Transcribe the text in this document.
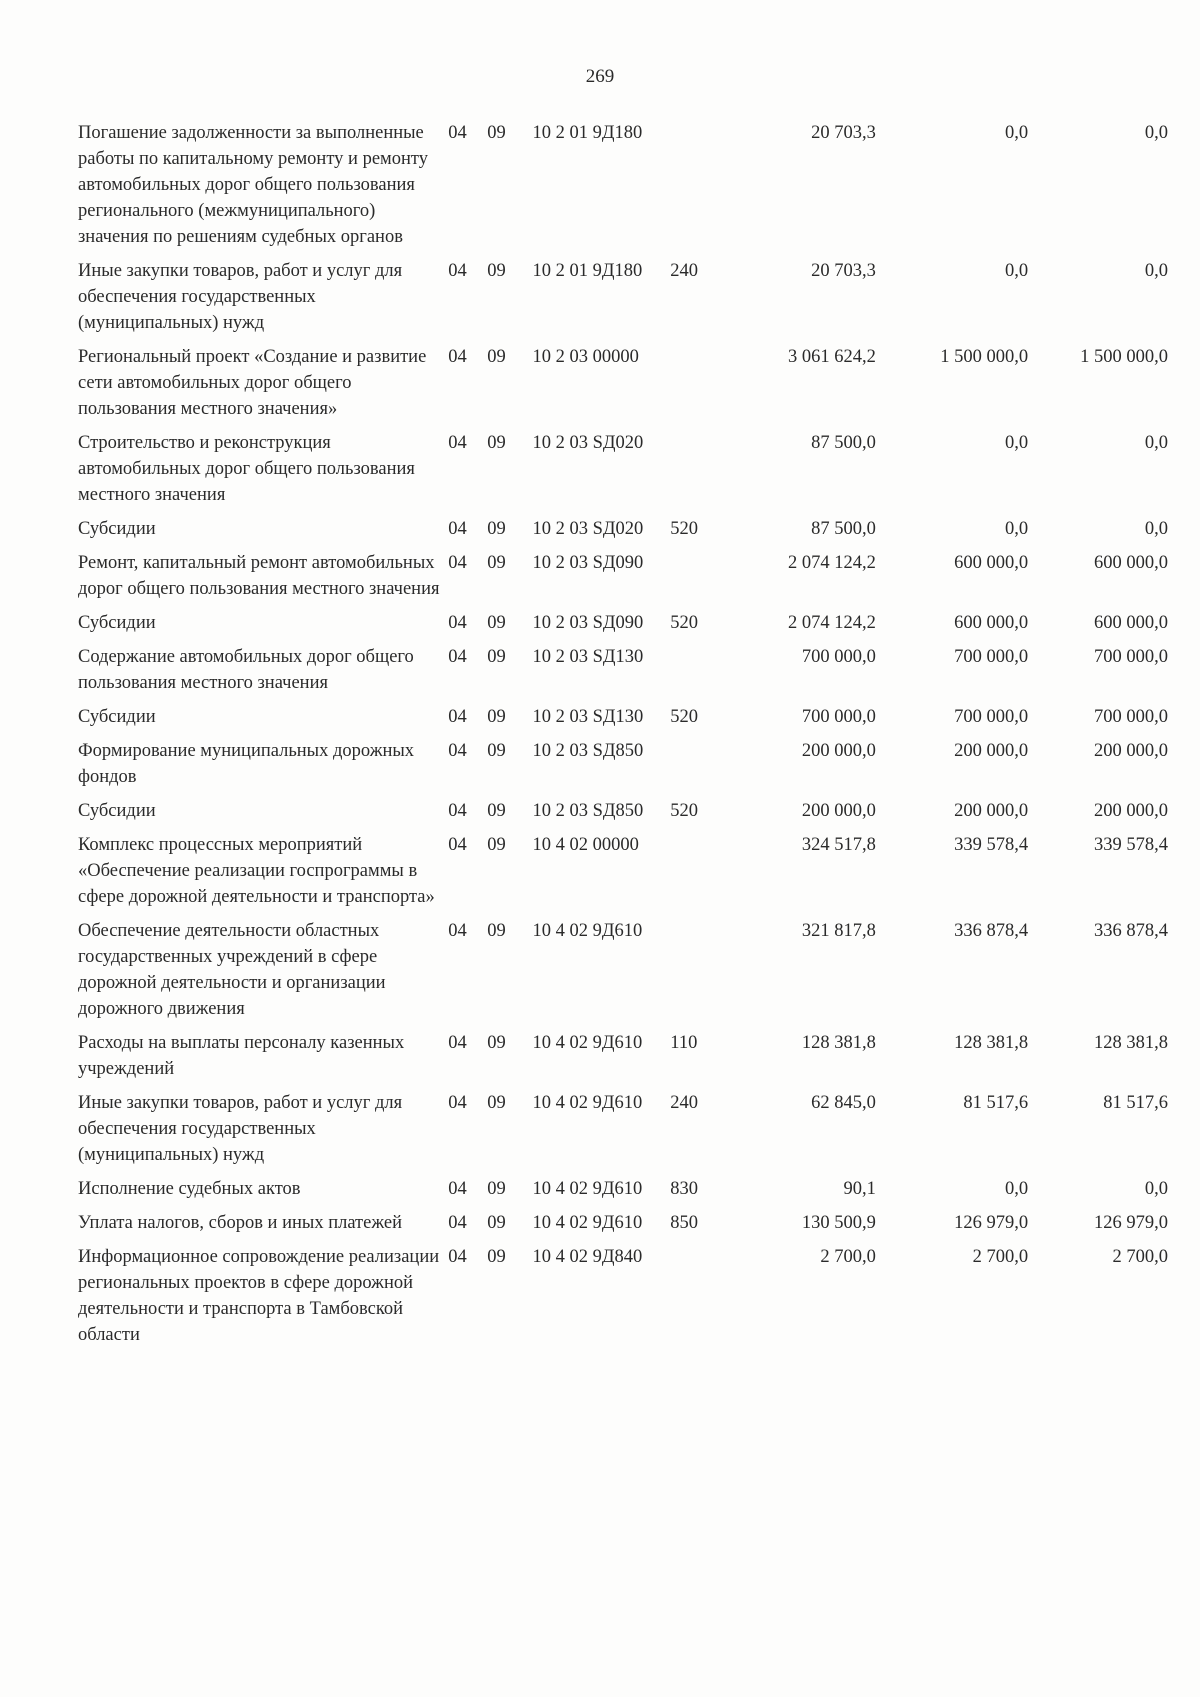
269
Погашение задолженности за выполненные работы по капитальному ремонту и ремонту автомобильных дорог общего пользования регионального (межмуниципального) значения по решениям судебных органов	04	09	10 2 01 9Д180		20 703,3	0,0	0,0
Иные закупки товаров, работ и услуг для обеспечения государственных (муниципальных) нужд	04	09	10 2 01 9Д180	240	20 703,3	0,0	0,0
Региональный проект «Создание и развитие сети автомобильных дорог общего пользования местного значения»	04	09	10 2 03 00000		3 061 624,2	1 500 000,0	1 500 000,0
Строительство и реконструкция автомобильных дорог общего пользования местного значения	04	09	10 2 03 SД020		87 500,0	0,0	0,0
Субсидии	04	09	10 2 03 SД020	520	87 500,0	0,0	0,0
Ремонт, капитальный ремонт автомобильных дорог общего пользования местного значения	04	09	10 2 03 SД090		2 074 124,2	600 000,0	600 000,0
Субсидии	04	09	10 2 03 SД090	520	2 074 124,2	600 000,0	600 000,0
Содержание автомобильных дорог общего пользования местного значения	04	09	10 2 03 SД130		700 000,0	700 000,0	700 000,0
Субсидии	04	09	10 2 03 SД130	520	700 000,0	700 000,0	700 000,0
Формирование муниципальных дорожных фондов	04	09	10 2 03 SД850		200 000,0	200 000,0	200 000,0
Субсидии	04	09	10 2 03 SД850	520	200 000,0	200 000,0	200 000,0
Комплекс процессных мероприятий «Обеспечение реализации госпрограммы в сфере дорожной деятельности и транспорта»	04	09	10 4 02 00000		324 517,8	339 578,4	339 578,4
Обеспечение деятельности областных государственных учреждений в сфере дорожной деятельности и организации дорожного движения	04	09	10 4 02 9Д610		321 817,8	336 878,4	336 878,4
Расходы на выплаты персоналу казенных учреждений	04	09	10 4 02 9Д610	110	128 381,8	128 381,8	128 381,8
Иные закупки товаров, работ и услуг для обеспечения государственных (муниципальных) нужд	04	09	10 4 02 9Д610	240	62 845,0	81 517,6	81 517,6
Исполнение судебных актов	04	09	10 4 02 9Д610	830	90,1	0,0	0,0
Уплата налогов, сборов и иных платежей	04	09	10 4 02 9Д610	850	130 500,9	126 979,0	126 979,0
Информационное сопровождение реализации региональных проектов в сфере дорожной деятельности и транспорта в Тамбовской области	04	09	10 4 02 9Д840		2 700,0	2 700,0	2 700,0
